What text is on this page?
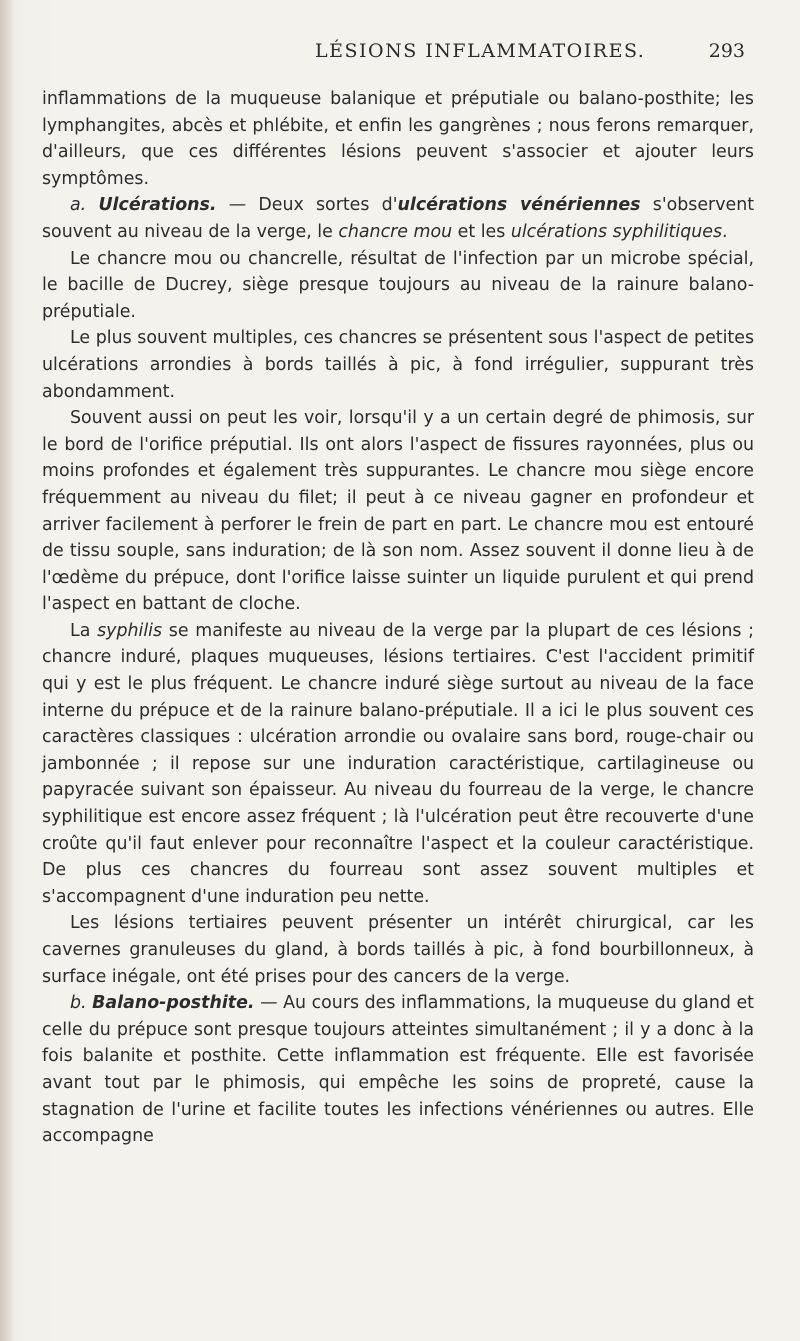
LÉSIONS INFLAMMATOIRES.	293

inflammations de la muqueuse balanique et préputiale ou balano-posthite; les lymphangites, abcès et phlébite, et enfin les gangrènes ; nous ferons remarquer, d'ailleurs, que ces différentes lésions peuvent s'associer et ajouter leurs symptômes.

a. Ulcérations. — Deux sortes d'ulcérations vénériennes s'observent souvent au niveau de la verge, le chancre mou et les ulcérations syphilitiques.

Le chancre mou ou chancrelle, résultat de l'infection par un microbe spécial, le bacille de Ducrey, siège presque toujours au niveau de la rainure balano-préputiale.

Le plus souvent multiples, ces chancres se présentent sous l'aspect de petites ulcérations arrondies à bords taillés à pic, à fond irrégulier, suppurant très abondamment.

Souvent aussi on peut les voir, lorsqu'il y a un certain degré de phimosis, sur le bord de l'orifice préputial. Ils ont alors l'aspect de fissures rayonnées, plus ou moins profondes et également très suppurantes. Le chancre mou siège encore fréquemment au niveau du filet; il peut à ce niveau gagner en profondeur et arriver facilement à perforer le frein de part en part. Le chancre mou est entouré de tissu souple, sans induration; de là son nom. Assez souvent il donne lieu à de l'œdème du prépuce, dont l'orifice laisse suinter un liquide purulent et qui prend l'aspect en battant de cloche.

La syphilis se manifeste au niveau de la verge par la plupart de ces lésions ; chancre induré, plaques muqueuses, lésions tertiaires. C'est l'accident primitif qui y est le plus fréquent. Le chancre induré siège surtout au niveau de la face interne du prépuce et de la rainure balano-préputiale. Il a ici le plus souvent ces caractères classiques : ulcération arrondie ou ovalaire sans bord, rouge-chair ou jambonnée ; il repose sur une induration caractéristique, cartilagineuse ou papyracée suivant son épaisseur. Au niveau du fourreau de la verge, le chancre syphilitique est encore assez fréquent ; là l'ulcération peut être recouverte d'une croûte qu'il faut enlever pour reconnaître l'aspect et la couleur caractéristique. De plus ces chancres du fourreau sont assez souvent multiples et s'accompagnent d'une induration peu nette.

Les lésions tertiaires peuvent présenter un intérêt chirurgical, car les cavernes granuleuses du gland, à bords taillés à pic, à fond bourbillonneux, à surface inégale, ont été prises pour des cancers de la verge.

b. Balano-posthite. — Au cours des inflammations, la muqueuse du gland et celle du prépuce sont presque toujours atteintes simultanément ; il y a donc à la fois balanite et posthite. Cette inflammation est fréquente. Elle est favorisée avant tout par le phimosis, qui empêche les soins de propreté, cause la stagnation de l'urine et facilite toutes les infections vénériennes ou autres. Elle accompagne
